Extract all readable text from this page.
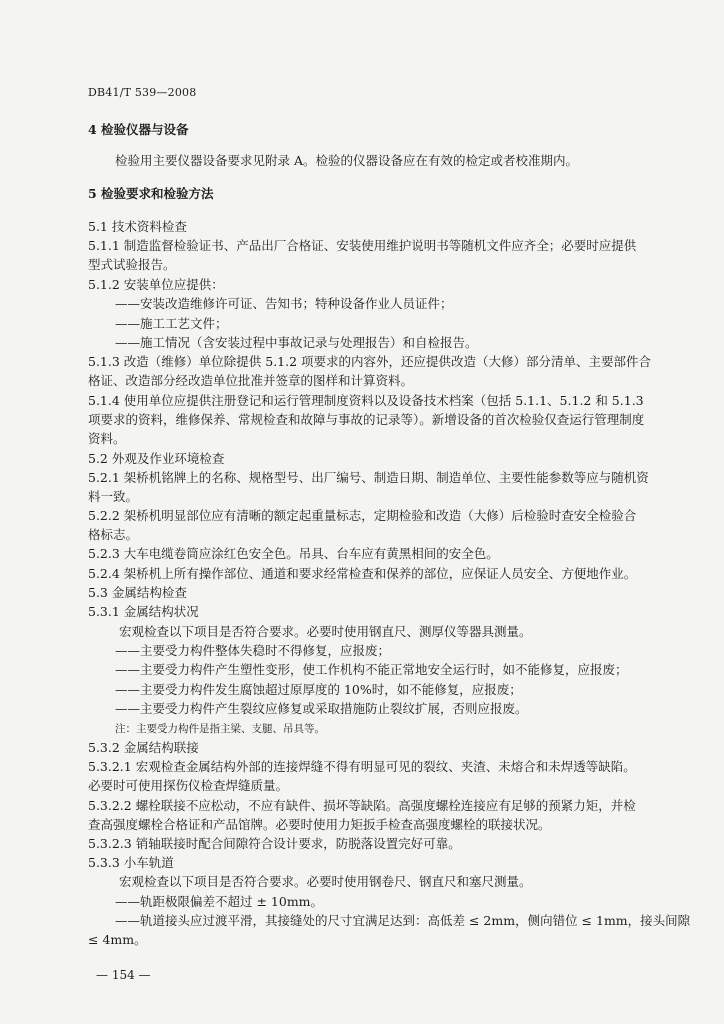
DB41/T 539—2008
4 检验仪器与设备
检验用主要仪器设备要求见附录 A。检验的仪器设备应在有效的检定或者校准期内。
5 检验要求和检验方法
5.1 技术资料检查
5.1.1 制造监督检验证书、产品出厂合格证、安装使用维护说明书等随机文件应齐全；必要时应提供
型式试验报告。
5.1.2 安装单位应提供：
——安装改造维修许可证、告知书；特种设备作业人员证件；
——施工工艺文件；
——施工情况（含安装过程中事故记录与处理报告）和自检报告。
5.1.3 改造（维修）单位除提供 5.1.2 项要求的内容外，还应提供改造（大修）部分清单、主要部件合
格证、改造部分经改造单位批准并签章的图样和计算资料。
5.1.4 使用单位应提供注册登记和运行管理制度资料以及设备技术档案（包括 5.1.1、5.1.2 和 5.1.3
项要求的资料，维修保养、常规检查和故障与事故的记录等）。新增设备的首次检验仅查运行管理制度
资料。
5.2 外观及作业环境检查
5.2.1 架桥机铭牌上的名称、规格型号、出厂编号、制造日期、制造单位、主要性能参数等应与随机资
料一致。
5.2.2 架桥机明显部位应有清晰的额定起重量标志，定期检验和改造（大修）后检验时查安全检验合
格标志。
5.2.3 大车电缆卷筒应涂红色安全色。吊具、台车应有黄黑相间的安全色。
5.2.4 架桥机上所有操作部位、通道和要求经常检查和保养的部位，应保证人员安全、方便地作业。
5.3 金属结构检查
5.3.1 金属结构状况
宏观检查以下项目是否符合要求。必要时使用钢直尺、测厚仪等器具测量。
——主要受力构件整体失稳时不得修复，应报废；
——主要受力构件产生塑性变形，使工作机构不能正常地安全运行时，如不能修复，应报废；
——主要受力构件发生腐蚀超过原厚度的 10%时，如不能修复，应报废；
——主要受力构件产生裂纹应修复或采取措施防止裂纹扩展，否则应报废。
注：主要受力构件是指主梁、支腿、吊具等。
5.3.2 金属结构联接
5.3.2.1 宏观检查金属结构外部的连接焊缝不得有明显可见的裂纹、夹渣、未熔合和未焊透等缺陷。
必要时可使用探伤仪检查焊缝质量。
5.3.2.2 螺栓联接不应松动，不应有缺件、损坏等缺陷。高强度螺栓连接应有足够的预紧力矩，并检
查高强度螺栓合格证和产品馆牌。必要时使用力矩扳手检查高强度螺栓的联接状况。
5.3.2.3 销轴联接时配合间隙符合设计要求，防脱落设置完好可靠。
5.3.3 小车轨道
宏观检查以下项目是否符合要求。必要时使用钢卷尺、钢直尺和塞尺测量。
——轨距极限偏差不超过 ± 10mm。
——轨道接头应过渡平滑，其接缝处的尺寸宜满足达到：高低差 ≤ 2mm，侧向错位 ≤ 1mm，接头间隙
≤ 4mm。
— 154 —
